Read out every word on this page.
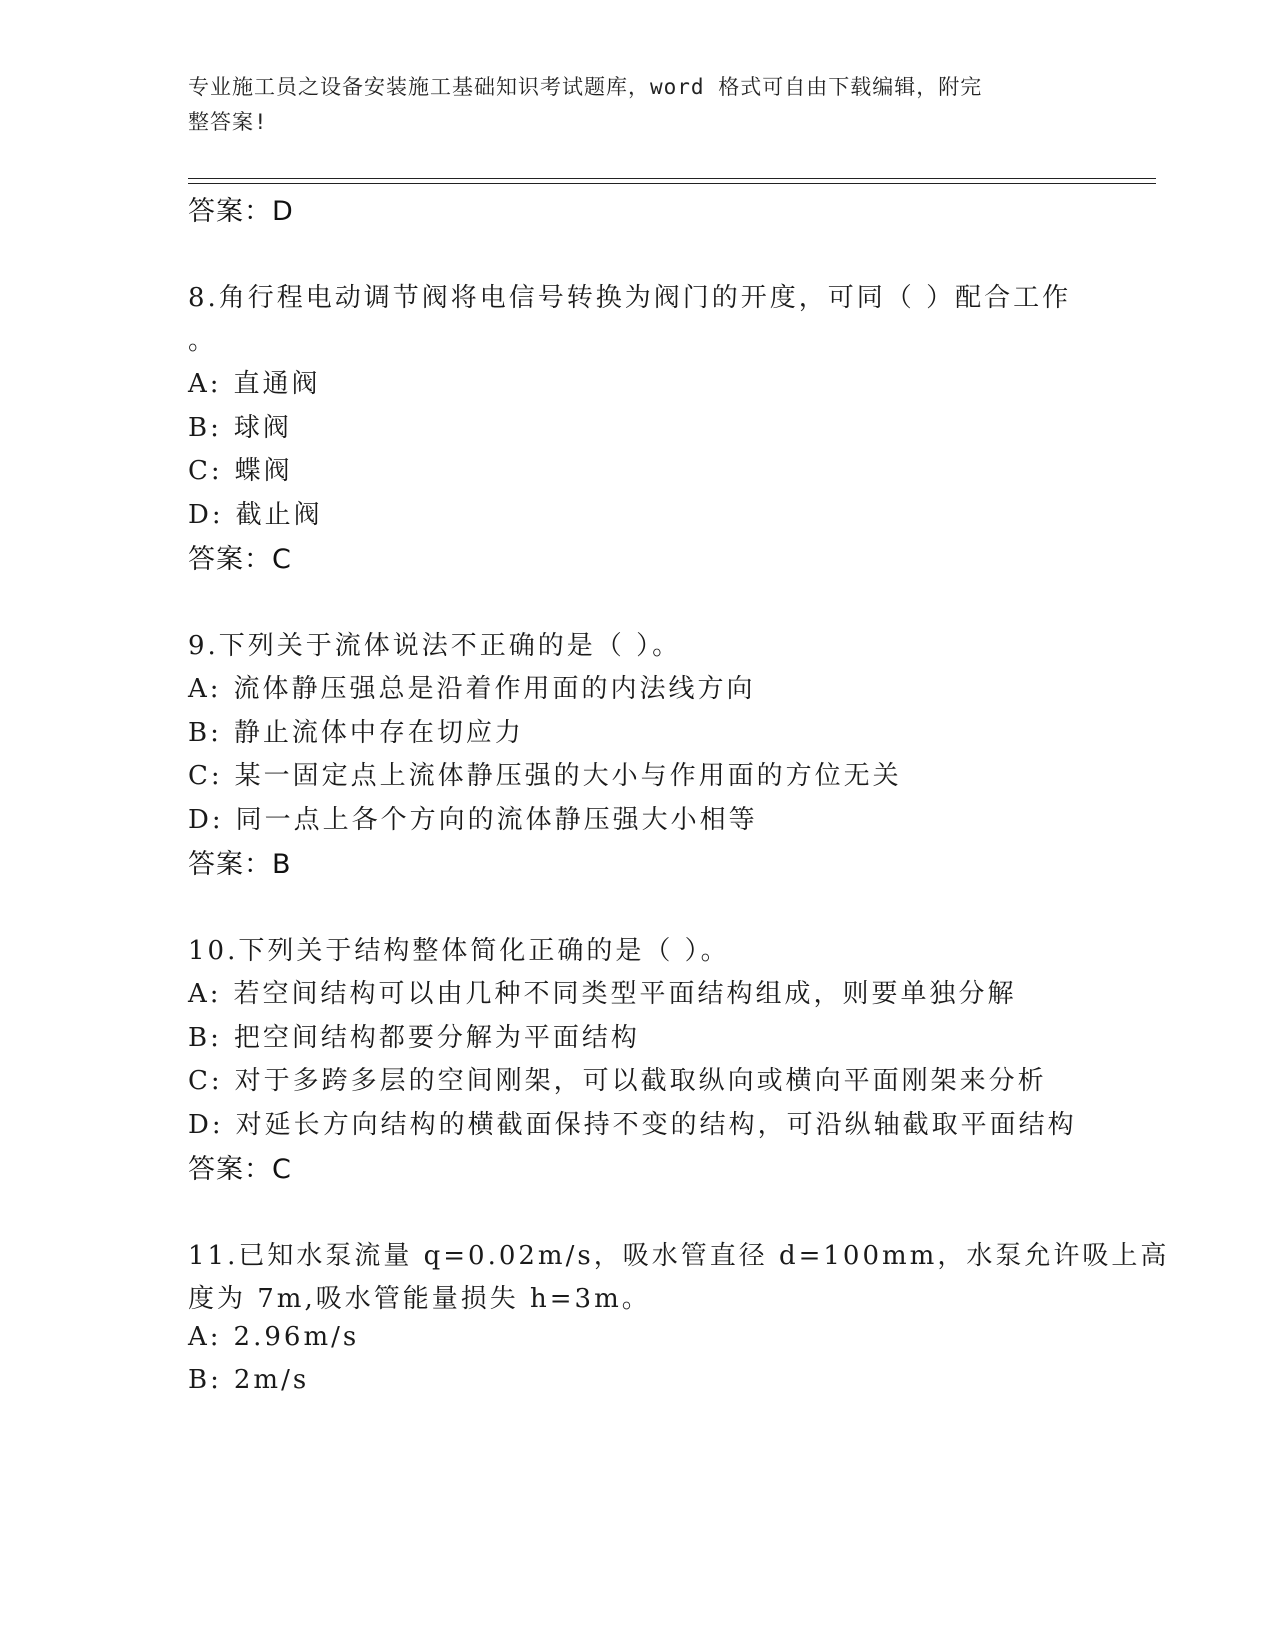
专业施工员之设备安装施工基础知识考试题库，word 格式可自由下载编辑，附完
整答案!
答案：D
8.角行程电动调节阀将电信号转换为阀门的开度，可同（ ）配合工作
。
A: 直通阀
B: 球阀
C: 蝶阀
D: 截止阀
答案：C
9.下列关于流体说法不正确的是（ ）。
A: 流体静压强总是沿着作用面的内法线方向
B: 静止流体中存在切应力
C: 某一固定点上流体静压强的大小与作用面的方位无关
D: 同一点上各个方向的流体静压强大小相等
答案：B
10.下列关于结构整体简化正确的是（ ）。
A: 若空间结构可以由几种不同类型平面结构组成，则要单独分解
B: 把空间结构都要分解为平面结构
C: 对于多跨多层的空间刚架，可以截取纵向或横向平面刚架来分析
D: 对延长方向结构的横截面保持不变的结构，可沿纵轴截取平面结构
答案：C
11.已知水泵流量 q=0.02m/s，吸水管直径 d=100mm，水泵允许吸上高
度为 7m,吸水管能量损失 h=3m。
A: 2.96m/s
B: 2m/s
